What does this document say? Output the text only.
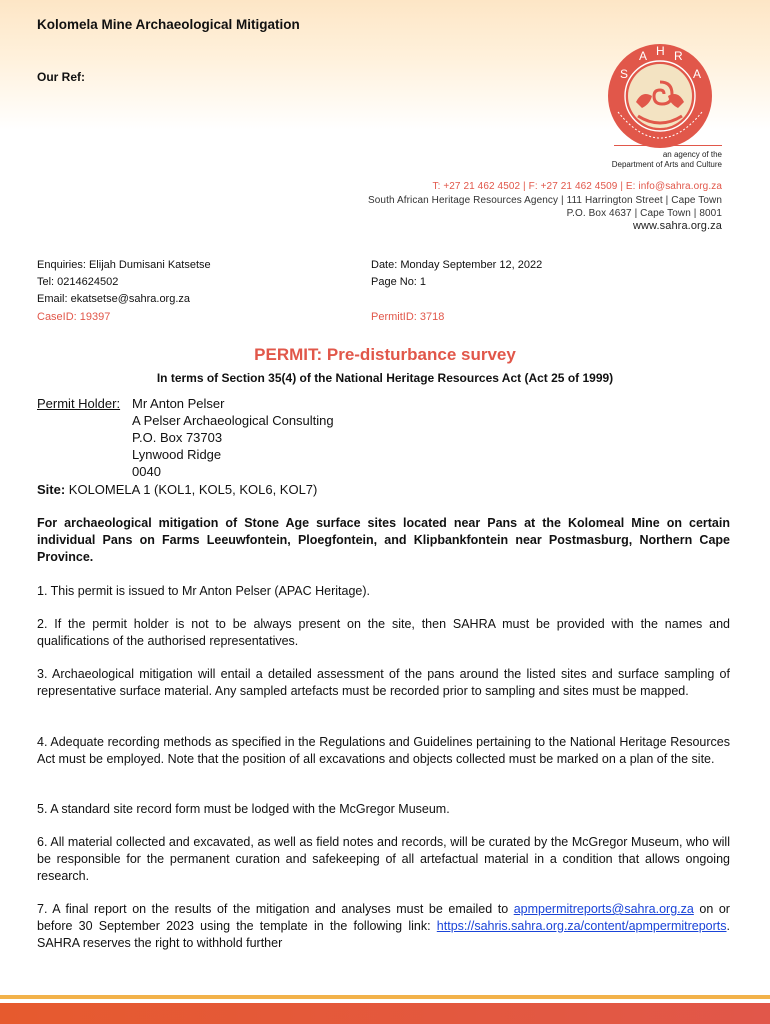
Kolomela Mine Archaeological Mitigation
Our Ref:	S
A H R
A
an agency of the
Department of Arts and Culture
T: +27 21 462 4502 | F: +27 21 462 4509 | E: info@sahra.org.za
South African Heritage Resources Agency | 111 Harrington Street | Cape Town
P.O. Box 4637 | Cape Town | 8001
www.sahra.org.za
Enquiries: Elijah Dumisani Katsetse
Tel: 0214624502
Email: ekatsetse@sahra.org.za
CaseID: 19397
Date: Monday September 12, 2022
Page No: 1
PermitID: 3718
PERMIT: Pre-disturbance survey
In terms of Section 35(4) of the National Heritage Resources Act (Act 25 of 1999)
Permit Holder: Mr Anton Pelser
A Pelser Archaeological Consulting
P.O. Box 73703
Lynwood Ridge
0040
Site: KOLOMELA 1 (KOL1, KOL5, KOL6, KOL7)
For archaeological mitigation of Stone Age surface sites located near Pans at the Kolomeal Mine on certain individual Pans on Farms Leeuwfontein, Ploegfontein, and Klipbankfontein near Postmasburg, Northern Cape Province.
1. This permit is issued to Mr Anton Pelser (APAC Heritage).
2. If the permit holder is not to be always present on the site, then SAHRA must be provided with the names and qualifications of the authorised representatives.
3. Archaeological mitigation will entail a detailed assessment of the pans around the listed sites and surface sampling of representative surface material. Any sampled artefacts must be recorded prior to sampling and sites must be mapped.
4. Adequate recording methods as specified in the Regulations and Guidelines pertaining to the National Heritage Resources Act must be employed. Note that the position of all excavations and objects collected must be marked on a plan of the site.
5. A standard site record form must be lodged with the McGregor Museum.
6. All material collected and excavated, as well as field notes and records, will be curated by the McGregor Museum, who will be responsible for the permanent curation and safekeeping of all artefactual material in a condition that allows ongoing research.
7. A final report on the results of the mitigation and analyses must be emailed to apmpermitreports@sahra.org.za on or before 30 September 2023 using the template in the following link: https://sahris.sahra.org.za/content/apmpermitreports. SAHRA reserves the right to withhold further
